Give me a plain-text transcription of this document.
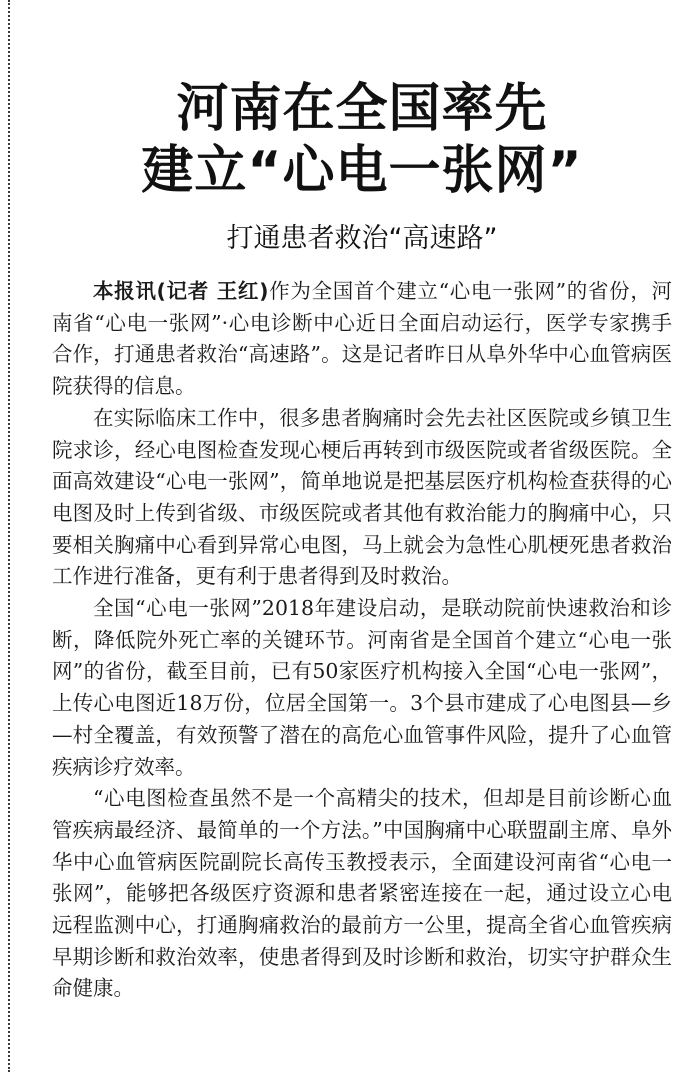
河南在全国率先
建立“心电一张网”
打通患者救治“高速路”

本报讯(记者 王红)作为全国首个建立“心电一张网”的省份，河南省“心电一张网”·心电诊断中心近日全面启动运行，医学专家携手合作，打通患者救治“高速路”。这是记者昨日从阜外华中心血管病医院获得的信息。

在实际临床工作中，很多患者胸痛时会先去社区医院或乡镇卫生院求诊，经心电图检查发现心梗后再转到市级医院或者省级医院。全面高效建设“心电一张网”，简单地说是把基层医疗机构检查获得的心电图及时上传到省级、市级医院或者其他有救治能力的胸痛中心，只要相关胸痛中心看到异常心电图，马上就会为急性心肌梗死患者救治工作进行准备，更有利于患者得到及时救治。

全国“心电一张网”2018年建设启动，是联动院前快速救治和诊断，降低院外死亡率的关键环节。河南省是全国首个建立“心电一张网”的省份，截至目前，已有50家医疗机构接入全国“心电一张网”，上传心电图近18万份，位居全国第一。3个县市建成了心电图县—乡—村全覆盖，有效预警了潜在的高危心血管事件风险，提升了心血管疾病诊疗效率。

“心电图检查虽然不是一个高精尖的技术，但却是目前诊断心血管疾病最经济、最简单的一个方法。”中国胸痛中心联盟副主席、阜外华中心血管病医院副院长高传玉教授表示，全面建设河南省“心电一张网”，能够把各级医疗资源和患者紧密连接在一起，通过设立心电远程监测中心，打通胸痛救治的最前方一公里，提高全省心血管疾病早期诊断和救治效率，使患者得到及时诊断和救治，切实守护群众生命健康。
